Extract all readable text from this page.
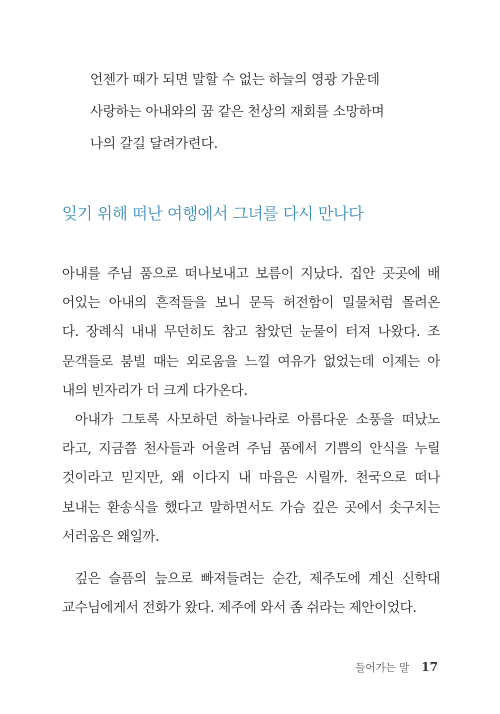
언젠가 때가 되면 말할 수 없는 하늘의 영광 가운데
사랑하는 아내와의 꿈 같은 천상의 재회를 소망하며
나의 갈길 달려가련다.
잊기 위해 떠난 여행에서 그녀를 다시 만나다
아내를 주님 품으로 떠나보내고 보름이 지났다. 집안 곳곳에 배
어있는 아내의 흔적들을 보니 문득 허전함이 밀물처럼 몰려온
다. 장례식 내내 무던히도 참고 참았던 눈물이 터져 나왔다. 조
문객들로 붐빌 때는 외로움을 느낄 여유가 없었는데 이제는 아
내의 빈자리가 더 크게 다가온다.
아내가 그토록 사모하던 하늘나라로 아름다운 소풍을 떠났노
라고, 지금쯤 천사들과 어울려 주님 품에서 기쁨의 안식을 누릴
것이라고 믿지만, 왜 이다지 내 마음은 시릴까. 천국으로 떠나
보내는 환송식을 했다고 말하면서도 가슴 깊은 곳에서 솟구치는
서러움은 왜일까.
깊은 슬픔의 늪으로 빠져들려는 순간, 제주도에 계신 신학대
교수님에게서 전화가 왔다. 제주에 와서 좀 쉬라는 제안이었다.
들어가는 말 17
